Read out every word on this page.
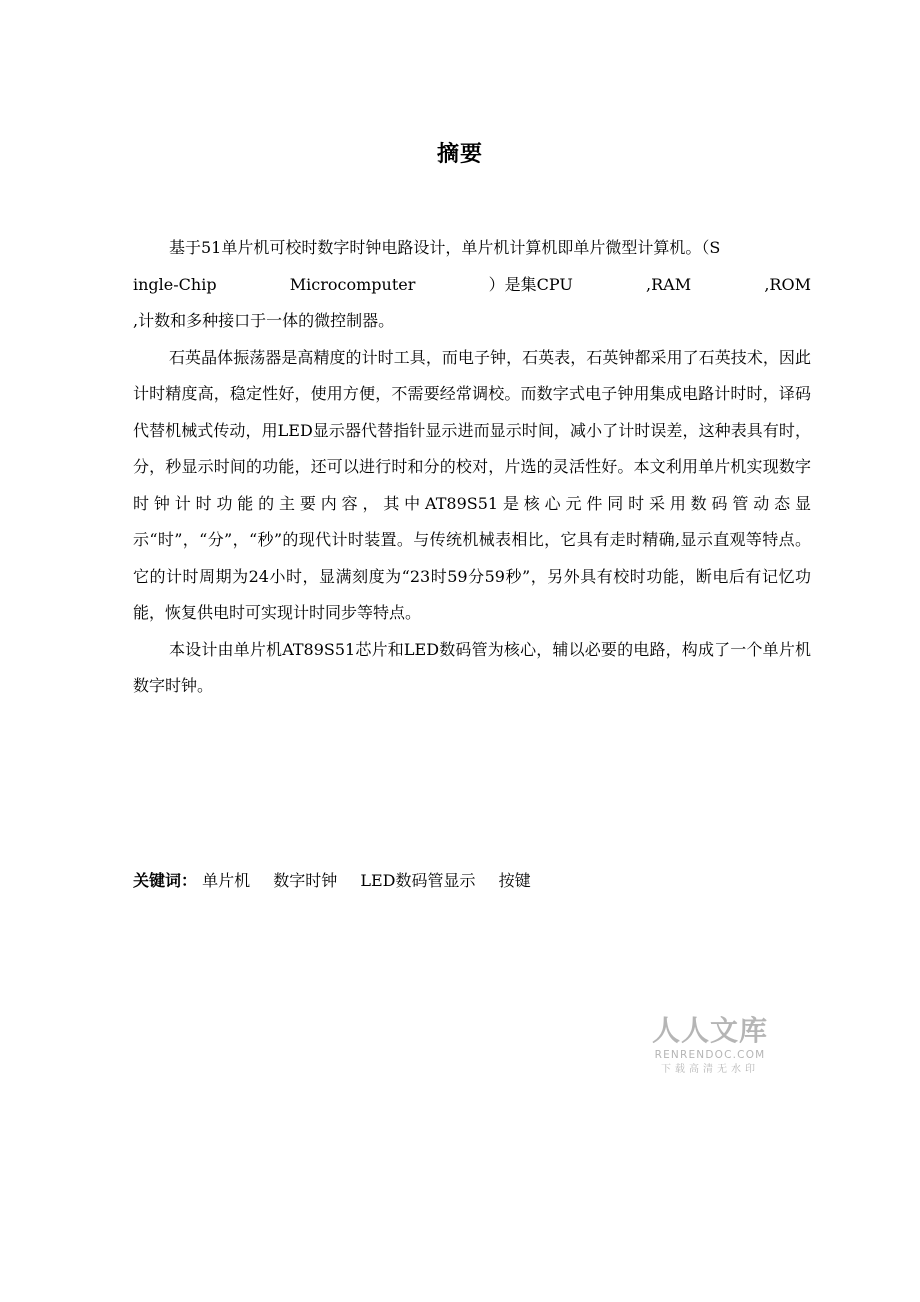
摘要
基于51单片机可校时数字时钟电路设计，单片机计算机即单片微型计算机。（S
ingle-Chip	Microcomputer	）是集CPU	,RAM	,ROM
,计数和多种接口于一体的微控制器。

石英晶体振荡器是高精度的计时工具，而电子钟，石英表，石英钟都采用了石英技术，因此计时精度高，稳定性好，使用方便，不需要经常调校。而数字式电子钟用集成电路计时时，译码代替机械式传动，用LED显示器代替指针显示进而显示时间，减小了计时误差，这种表具有时，分，秒显示时间的功能，还可以进行时和分的校对，片选的灵活性好。本文利用单片机实现数字时钟计时功能的主要内容，其中AT89S51是核心元件同时采用数码管动态显示“时”，“分”，“秒”的现代计时装置。与传统机械表相比，它具有走时精确,显示直观等特点。它的计时周期为24小时，显满刻度为“23时59分59秒”，另外具有校时功能，断电后有记忆功能，恢复供电时可实现计时同步等特点。

本设计由单片机AT89S51芯片和LED数码管为核心，辅以必要的电路，构成了一个单片机数字时钟。

关键词： 单片机 数字时钟 LED数码管显示 按键
人人文库
RENRENDOC.COM
下载高清无水印
